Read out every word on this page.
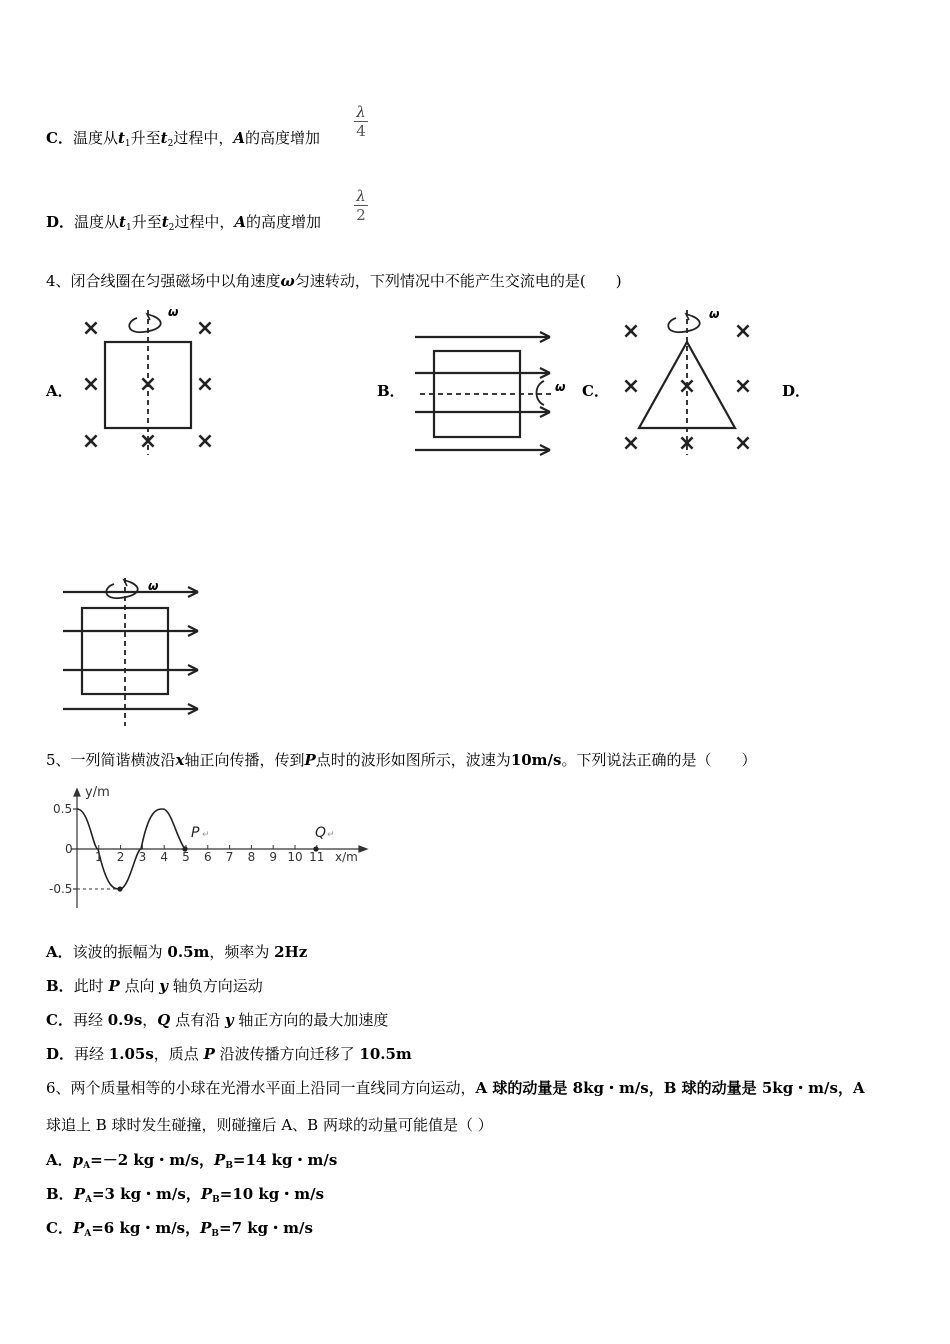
C．温度从$t_1$升至$t_2$过程中，A的高度增加
λ
4
D．温度从$t_1$升至$t_2$过程中，A的高度增加
λ
2
4、闭合线圈在匀强磁场中以角速度ω匀速转动，下列情况中不能产生交流电的是(　　)
A．	B．	C．	D．
ω
×	×
× × ×
× × ×
ω
ω
×	×
× × ×
× × ×
ω
5、一列简谐横波沿x轴正向传播，传到P点时的波形如图所示，波速为10m/s。下列说法正确的是（　　）
y/m
x/m
0.5
0
-0.5
1 2 3 4 5 6 7 8 9 10 11
P ↵	Q ↵
A．该波的振幅为 0.5m，频率为 2Hz
B．此时 P 点向 y 轴负方向运动
C．再经 0.9s，Q 点有沿 y 轴正方向的最大加速度
D．再经 1.05s，质点 P 沿波传播方向迁移了 10.5m
6、两个质量相等的小球在光滑水平面上沿同一直线同方向运动，A 球的动量是 8kg・m/s，B 球的动量是 5kg・m/s，A
球追上 B 球时发生碰撞，则碰撞后 A、B 两球的动量可能值是（ ）
A．$p_A=-2$ kg・m/s，$P_B=14$ kg・m/s
B．$P_A=3$ kg・m/s，$P_B=10$ kg・m/s
C．$P_A=6$ kg・m/s，$P_B=7$ kg・m/s
